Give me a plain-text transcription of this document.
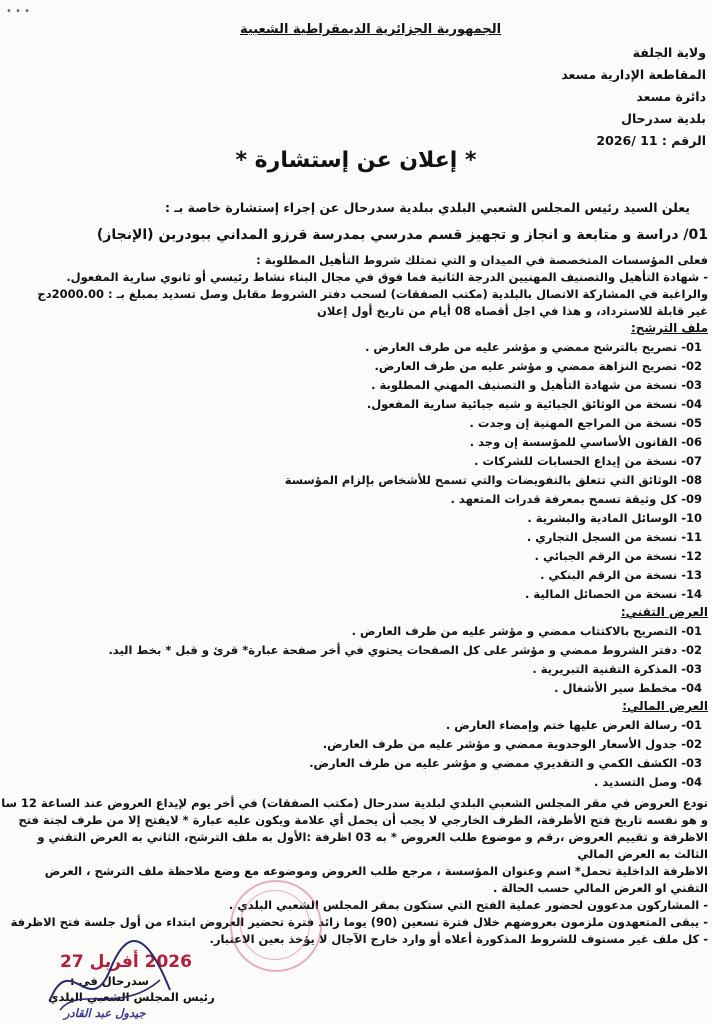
• • •
الجمهورية الجزائرية الديمقراطية الشعبية
ولاية الجلفة
المقاطعة الإدارية مسعد
دائرة مسعد
بلدية سدرحال
الرقم : 11 /2026
* إعلان عن إستشارة *
يعلن السيد رئيس المجلس الشعبي البلدي ببلدية سدرحال عن إجراء إستشارة خاصة بـ :
01/ دراسة و متابعة و انجاز و تجهيز قسم مدرسي بمدرسة قرزو المداني ببودربن (الإنجاز)
فعلى المؤسسات المتخصصة في الميدان و التي تمتلك شروط التأهيل المطلوبة :
- شهادة التأهيل والتصنيف المهنيين الدرجة الثانية فما فوق في مجال البناء نشاط رئيسي أو ثانوي سارية المفعول.
والراغبة في المشاركة الاتصال بالبلدية (مكتب الصفقات) لسحب دفتر الشروط مقابل وصل تسديد بمبلغ بـ : 2000.00دج
غير قابلة للاسترداد، و هذا في اجل أقصاه 08 أيام من تاريخ أول إعلان
ملف الترشح:
01- تصريح بالترشح ممضي و مؤشر عليه من طرف العارض .
02- تصريح النزاهة ممضي و مؤشر عليه من طرف العارض.
03- نسخة من شهادة التأهيل و التصنيف المهني المطلوبة .
04- نسخة من الوثائق الجبائية و شبه جبائية سارية المفعول.
05- نسخة من المراجع المهنية إن وجدت .
06- القانون الأساسي للمؤسسة إن وجد .
07- نسخة من إيداع الحسابات للشركات .
08- الوثائق التي تتعلق بالتفويضات والتي تسمح للأشخاص بإلزام المؤسسة
09- كل وثيقة تسمح بمعرفة قدرات المتعهد .
10- الوسائل المادية والبشرية .
11- نسخة من السجل التجاري .
12- نسخة من الرقم الجبائي .
13- نسخة من الرقم البنكي .
14- نسخة من الحصائل المالية .
العرض التقني:
01- التصريح بالاكتتاب ممضي و مؤشر عليه من طرف العارض .
02- دفتر الشروط ممضي و مؤشر على كل الصفحات يحتوي في أخر صفحة عبارة* قرئ و قبل * بخط اليد.
03- المذكرة التقنية التبريرية .
04- مخطط سير الأشغال .
العرض المالي:
01- رسالة العرض عليها ختم وإمضاء العارض .
02- جدول الأسعار الوحدوية ممضي و مؤشر عليه من طرف العارض.
03- الكشف الكمي و التقديري ممضي و مؤشر عليه من طرف العارض.
04- وصل التسديد .
تودع العروض في مقر المجلس الشعبي البلدي لبلدية سدرحال (مكتب الصفقات) في أخر يوم لإيداع العروض عند الساعة 12 سا
و هو نفسه تاريخ فتح الأظرفة، الظرف الخارجي لا يجب أن يحمل أي علامة ويكون عليه عبارة * لايفتح إلا من طرف لجنة فتح
الاظرفة و تقييم العروض ،رقم و موضوع طلب العروض * به 03 اظرفة :الأول به ملف الترشح، الثاني به العرض التقني و
الثالث به العرض المالي
الاظرفة الداخلية تحمل* اسم وعنوان المؤسسة ، مرجع طلب العروض وموضوعه مع وضع ملاحظة ملف الترشح ، العرض
التقني او العرض المالي حسب الحالة .
- المشاركون مدعوون لحضور عملية الفتح التي ستكون بمقر المجلس الشعبي البلدي .
- يبقى المتعهدون ملزمون بعروضهم خلال فترة تسعين (90) يوما زائد فترة تحضير العروض ابتداء من أول جلسة فتح الاظرفة
- كل ملف غير مستوف للشروط المذكورة أعلاه أو وارد خارج الآجال لا يؤخذ بعين الاعتبار.
2026 أفريل 27
سدرحال في :
رئيس المجلس الشعبي البلدي
جيدول عبد القادر
